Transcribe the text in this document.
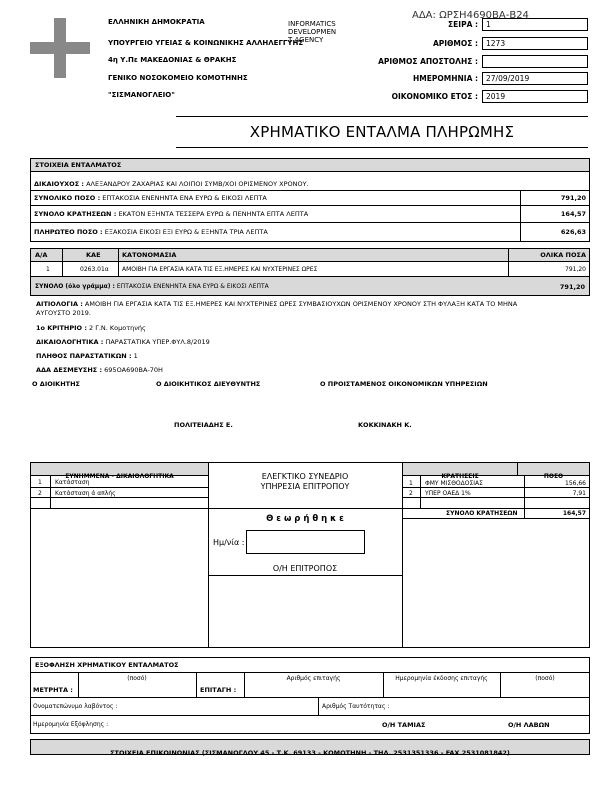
ΑΔΑ: ΩΡΣΗ4690ΒΑ-Β24
ΕΛΛΗΝΙΚΗ ΔΗΜΟΚΡΑΤΙΑ
ΥΠΟΥΡΓΕΙΟ ΥΓΕΙΑΣ & ΚΟΙΝΩΝΙΚΗΣ ΑΛΛΗΛΕΓΓΥΗΣ
4η Υ.Πε ΜΑΚΕΔΟΝΙΑΣ & ΘΡΑΚΗΣ
ΓΕΝΙΚΟ ΝΟΣΟΚΟΜΕΙΟ ΚΟΜΟΤΗΝΗΣ
"ΣΙΣΜΑΝΟΓΛΕΙΟ"
INFORMATICS
DEVELOPMEN
T AGENCY
ΣΕΙΡΑ :	1
ΑΡΙΘΜΟΣ :	1273
ΑΡΙΘΜΟΣ ΑΠΟΣΤΟΛΗΣ :
ΗΜΕΡΟΜΗΝΙΑ :	27/09/2019
ΟΙΚΟΝΟΜΙΚΟ ΕΤΟΣ :	2019
ΧΡΗΜΑΤΙΚΟ ΕΝΤΑΛΜΑ ΠΛΗΡΩΜΗΣ
ΣΤΟΙΧΕΙΑ ΕΝΤΑΛΜΑΤΟΣ
ΔΙΚΑΙΟΥΧΟΣ : ΑΛΕΞΑΝΔΡΟΥ ΖΑΧΑΡΙΑΣ ΚΑΙ ΛΟΙΠΟΙ ΣΥΜΒ/ΧΟΙ ΟΡΙΣΜΕΝΟΥ ΧΡΟΝΟΥ.
ΣΥΝΟΛΙΚΟ ΠΟΣΟ : ΕΠΤΑΚΟΣΙΑ ΕΝΕΝΗΝΤΑ ΕΝΑ ΕΥΡΩ & ΕΙΚΟΣΙ ΛΕΠΤΑ	791,20
ΣΥΝΟΛΟ ΚΡΑΤΗΣΕΩΝ : ΕΚΑΤΟΝ ΕΞΗΝΤΑ ΤΕΣΣΕΡΑ ΕΥΡΩ & ΠΕΝΗΝΤΑ ΕΠΤΑ ΛΕΠΤΑ	164,57
ΠΛΗΡΩΤΕΟ ΠΟΣΟ : ΕΞΑΚΟΣΙΑ ΕΙΚΟΣΙ ΕΞΙ ΕΥΡΩ & ΕΞΗΝΤΑ ΤΡΙΑ ΛΕΠΤΑ	626,63
Α/Α	ΚΑΕ	ΚΑΤΟΝΟΜΑΣΙΑ	ΟΛΙΚΑ ΠΟΣΑ
1	0263.01α ΑΜΟΙΒΗ ΓΙΑ ΕΡΓΑΣΙΑ ΚΑΤΑ ΤΙΣ ΕΞ.ΗΜΕΡΕΣ ΚΑΙ ΝΥΧΤΕΡΙΝΕΣ ΩΡΕΣ	791,20
ΣΥΝΟΛΟ (όλο γράμμα) : ΕΠΤΑΚΟΣΙΑ ΕΝΕΝΗΝΤΑ ΕΝΑ ΕΥΡΩ & ΕΙΚΟΣΙ ΛΕΠΤΑ	791,20
ΑΙΤΙΟΛΟΓΙΑ : ΑΜΟΙΒΗ ΓΙΑ ΕΡΓΑΣΙΑ ΚΑΤΑ ΤΙΣ ΕΞ.ΗΜΕΡΕΣ ΚΑΙ ΝΥΧΤΕΡΙΝΕΣ ΩΡΕΣ ΣΥΜΒΑΣΙΟΥΧΩΝ ΟΡΙΣΜΕΝΟΥ ΧΡΟΝΟΥ ΣΤΗ ΦΥΛΑΞΗ ΚΑΤΑ ΤΟ ΜΗΝΑ
ΑΥΓΟΥΣΤΟ 2019.
1ο ΚΡΙΤΗΡΙΟ : 2 Γ.Ν. Κομοτηνής
ΔΙΚΑΙΟΛΟΓΗΤΙΚΑ : ΠΑΡΑΣΤΑΤΙΚΑ ΥΠΕΡ.ΦΥΛ.8/2019
ΠΛΗΘΟΣ ΠΑΡΑΣΤΑΤΙΚΩΝ : 1
ΑΔΑ ΔΕΣΜΕΥΣΗΣ : 695ΟΑ690ΒΑ-70Η
Ο ΔΙΟΙΚΗΤΗΣ	Ο ΔΙΟΙΚΗΤΙΚΟΣ ΔΙΕΥΘΥΝΤΗΣ	Ο ΠΡΟΙΣΤΑΜΕΝΟΣ ΟΙΚΟΝΟΜΙΚΩΝ ΥΠΗΡΕΣΙΩΝ
ΠΟΛΙΤΕΙΑΔΗΣ Ε.	ΚΟΚΚΙΝΑΚΗ Κ.
ΣΥΝΗΜΜΕΝΑ - ΔΙΚΑΙΟΛΟΓΗΤΙΚΑ
1 Κατάσταση
2 Κατάσταση ά απλής
ΕΛΕΓΚΤΙΚΟ ΣΥΝΕΔΡΙΟ
ΥΠΗΡΕΣΙΑ ΕΠΙΤΡΟΠΟΥ
Θ ε ω ρ ή θ η κ ε
Ημ/νία :
Ο/Η ΕΠΙΤΡΟΠΟΣ
ΚΡΑΤΗΣΕΙΣ	ΠΟΣΟ
1 ΦΜΥ ΜΙΣΘΟΔΟΣΙΑΣ	156,66
2 ΥΠΕΡ ΟΑΕΔ 1%	7,91
ΣΥΝΟΛΟ ΚΡΑΤΗΣΕΩΝ	164,57
ΕΞΟΦΛΗΣΗ ΧΡΗΜΑΤΙΚΟΥ ΕΝΤΑΛΜΑΤΟΣ
ΜΕΤΡΗΤΑ :
(ποσό)
ΕΠΙΤΑΓΗ :
Αριθμός επιταγής	Ημερομηνία έκδοσης επιταγής	(ποσό)
Ονοματεπώνυμο λαβόντος :	Αριθμός Ταυτότητας :
Ημερομηνία Εξόφλησης :	Ο/Η ΤΑΜΙΑΣ	Ο/Η ΛΑΒΩΝ
ΣΤΟΙΧΕΙΑ ΕΠΙΚΟΙΝΩΝΙΑΣ (ΣΙΣΜΑΝΟΓΛΟΥ 45 - Τ.Κ. 69133 - ΚΟΜΟΤΗΝΗ - ΤΗΛ. 2531351336 - FAX 2531081842)
